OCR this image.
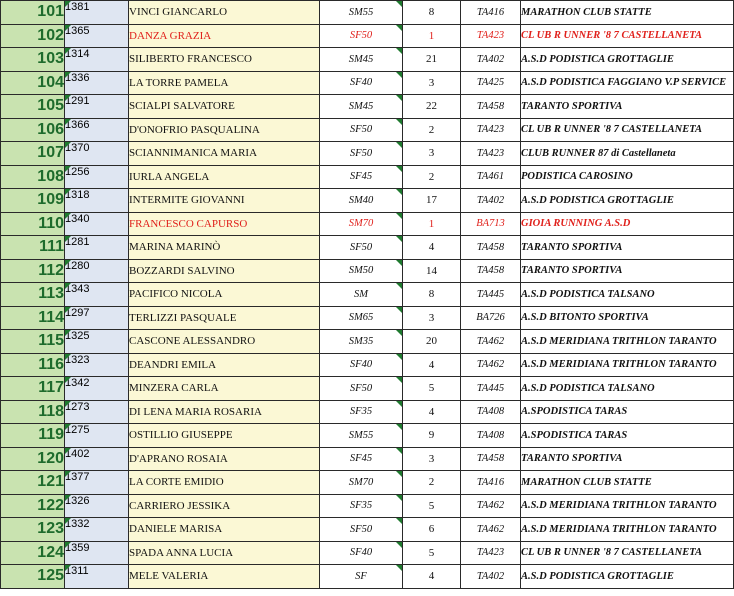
101	1381		VINCI GIANCARLO	SM55	8	TA416	MARATHON CLUB STATTE
102	1365		DANZA GRAZIA	SF50	1	TA423	CL UB R UNNER '8 7 CASTELLANETA
103	1314		SILIBERTO FRANCESCO	SM45	21	TA402	A.S.D PODISTICA GROTTAGLIE
104	1336		LA TORRE PAMELA	SF40	3	TA425	A.S.D PODISTICA FAGGIANO V.P SERVICE
105	1291		SCIALPI SALVATORE	SM45	22	TA458	TARANTO SPORTIVA
106	1366		D'ONOFRIO PASQUALINA	SF50	2	TA423	CL UB R UNNER '8 7 CASTELLANETA
107	1370		SCIANNIMANICA MARIA	SF50	3	TA423	CLUB RUNNER 87 di Castellaneta
108	1256		IURLA ANGELA	SF45	2	TA461	PODISTICA CAROSINO
109	1318		INTERMITE GIOVANNI	SM40	17	TA402	A.S.D PODISTICA GROTTAGLIE
110	1340		FRANCESCO CAPURSO	SM70	1	BA713	GIOIA RUNNING A.S.D
111	1281		MARINA MARINÒ	SF50	4	TA458	TARANTO SPORTIVA
112	1280		BOZZARDI SALVINO	SM50	14	TA458	TARANTO SPORTIVA
113	1343		PACIFICO NICOLA	SM	8	TA445	A.S.D PODISTICA TALSANO
114	1297		TERLIZZI PASQUALE	SM65	3	BA726	A.S.D BITONTO SPORTIVA
115	1325		CASCONE ALESSANDRO	SM35	20	TA462	A.S.D MERIDIANA TRITHLON TARANTO
116	1323		DEANDRI EMILA	SF40	4	TA462	A.S.D MERIDIANA TRITHLON TARANTO
117	1342		MINZERA CARLA	SF50	5	TA445	A.S.D PODISTICA TALSANO
118	1273		DI LENA MARIA ROSARIA	SF35	4	TA408	A.SPODISTICA TARAS
119	1275		OSTILLIO GIUSEPPE	SM55	9	TA408	A.SPODISTICA TARAS
120	1402		D'APRANO ROSAIA	SF45	3	TA458	TARANTO SPORTIVA
121	1377		LA CORTE EMIDIO	SM70	2	TA416	MARATHON CLUB STATTE
122	1326		CARRIERO JESSIKA	SF35	5	TA462	A.S.D MERIDIANA TRITHLON TARANTO
123	1332		DANIELE MARISA	SF50	6	TA462	A.S.D MERIDIANA TRITHLON TARANTO
124	1359		SPADA ANNA LUCIA	SF40	5	TA423	CL UB R UNNER '8 7 CASTELLANETA
125	1311		MELE VALERIA	SF	4	TA402	A.S.D PODISTICA GROTTAGLIE
